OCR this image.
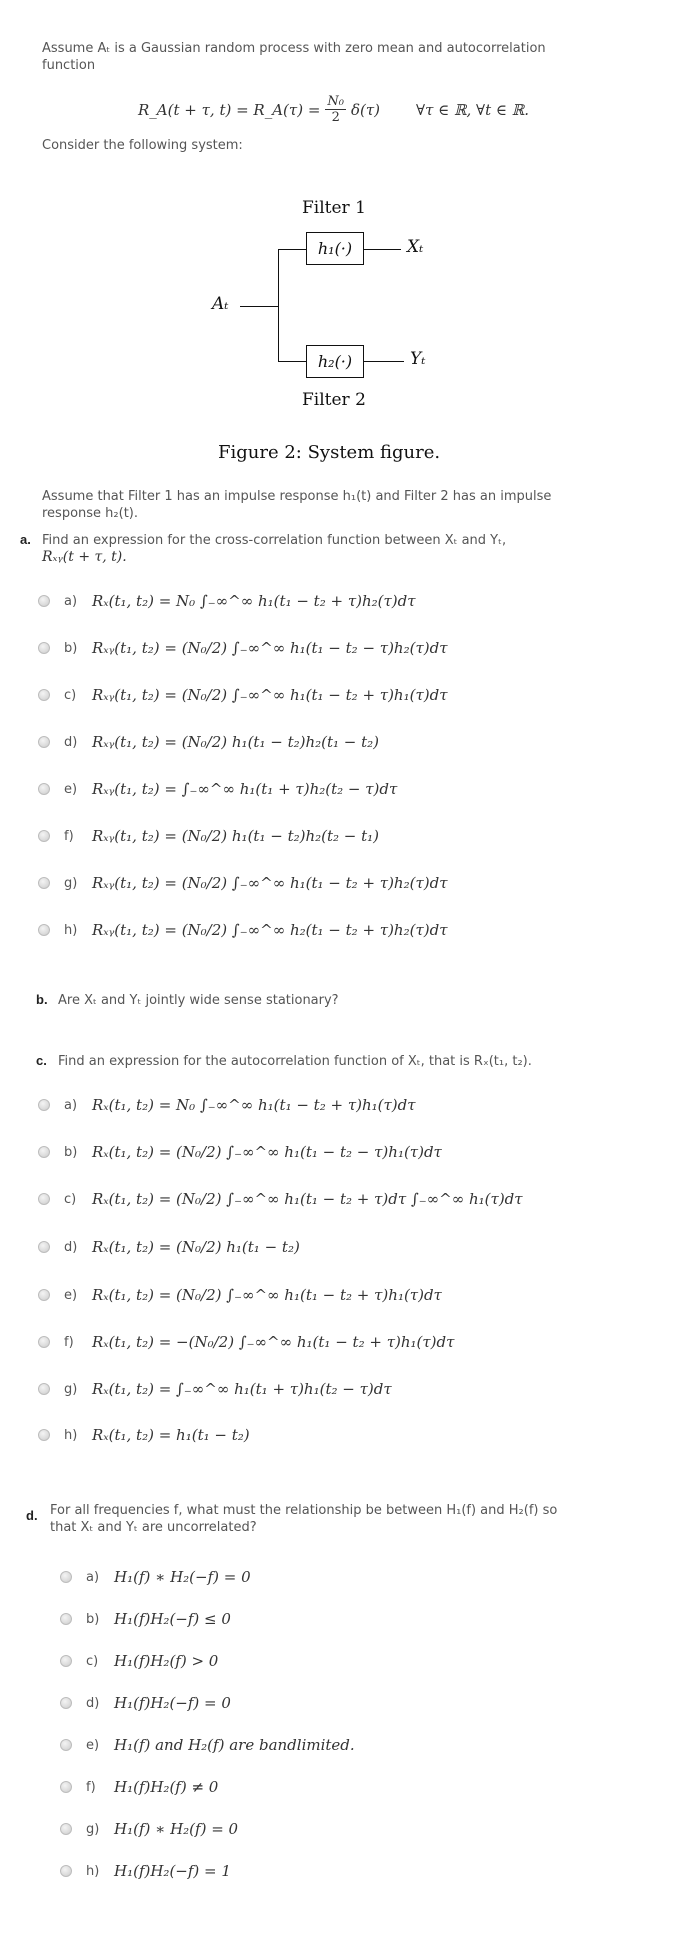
Assume Aₜ is a Gaussian random process with zero mean and autocorrelation
function
R_A(t + τ, t) = R_A(τ) = $\frac{\text{N₀}}{2} \delta(\tau)$ ∀τ ∈ ℝ, ∀t ∈ ℝ.
Consider the following system:
Filter 1
h₁(·)	Xₜ
Aₜ
h₂(·)	Yₜ
Filter 2
Figure 2: System figure.
Assume that Filter 1 has an impulse response h₁(t) and Filter 2 has an impulse
response h₂(t).
a. Find an expression for the cross-correlation function between Xₜ and Yₜ,
Rₓᵧ(t + τ, t).
a) Rₓ(t₁, t₂) = N₀ ∫₋∞^∞ h₁(t₁ − t₂ + τ)h₂(τ)dτ
b) Rₓᵧ(t₁, t₂) = (N₀/2) ∫₋∞^∞ h₁(t₁ − t₂ − τ)h₂(τ)dτ
c)	Rₓᵧ(t₁, t₂) = (N₀/2) ∫₋∞^∞ h₁(t₁ − t₂ + τ)h₁(τ)dτ
d) Rₓᵧ(t₁, t₂) = (N₀/2) h₁(t₁ − t₂)h₂(t₁ − t₂)
e) Rₓᵧ(t₁, t₂) = ∫₋∞^∞ h₁(t₁ + τ)h₂(t₂ − τ)dτ
f)	Rₓᵧ(t₁, t₂) = (N₀/2) h₁(t₁ − t₂)h₂(t₂ − t₁)
g) Rₓᵧ(t₁, t₂) = (N₀/2) ∫₋∞^∞ h₁(t₁ − t₂ + τ)h₂(τ)dτ
h) Rₓᵧ(t₁, t₂) = (N₀/2) ∫₋∞^∞ h₂(t₁ − t₂ + τ)h₂(τ)dτ
b. Are Xₜ and Yₜ jointly wide sense stationary?
c. Find an expression for the autocorrelation function of Xₜ, that is Rₓ(t₁, t₂).
a) Rₓ(t₁, t₂) = N₀ ∫₋∞^∞ h₁(t₁ − t₂ + τ)h₁(τ)dτ
b) Rₓ(t₁, t₂) = (N₀/2) ∫₋∞^∞ h₁(t₁ − t₂ − τ)h₁(τ)dτ
c)	Rₓ(t₁, t₂) = (N₀/2) ∫₋∞^∞ h₁(t₁ − t₂ + τ)dτ ∫₋∞^∞ h₁(τ)dτ
d) Rₓ(t₁, t₂) = (N₀/2) h₁(t₁ − t₂)
e) Rₓ(t₁, t₂) = (N₀/2) ∫₋∞^∞ h₁(t₁ − t₂ + τ)h₁(τ)dτ
f)	Rₓ(t₁, t₂) = −(N₀/2) ∫₋∞^∞ h₁(t₁ − t₂ + τ)h₁(τ)dτ
g) Rₓ(t₁, t₂) = ∫₋∞^∞ h₁(t₁ + τ)h₁(t₂ − τ)dτ
h) Rₓ(t₁, t₂) = h₁(t₁ − t₂)
d. For all frequencies f, what must the relationship be between H₁(f) and H₂(f) so
that Xₜ and Yₜ are uncorrelated?
a) H₁(f) ∗ H₂(−f) = 0
b) H₁(f)H₂(−f) ≤ 0
c)	H₁(f)H₂(f) > 0
d) H₁(f)H₂(−f) = 0
e) H₁(f) and H₂(f) are bandlimited.
f)	H₁(f)H₂(f) ≠ 0
g) H₁(f) ∗ H₂(f) = 0
h) H₁(f)H₂(−f) = 1
